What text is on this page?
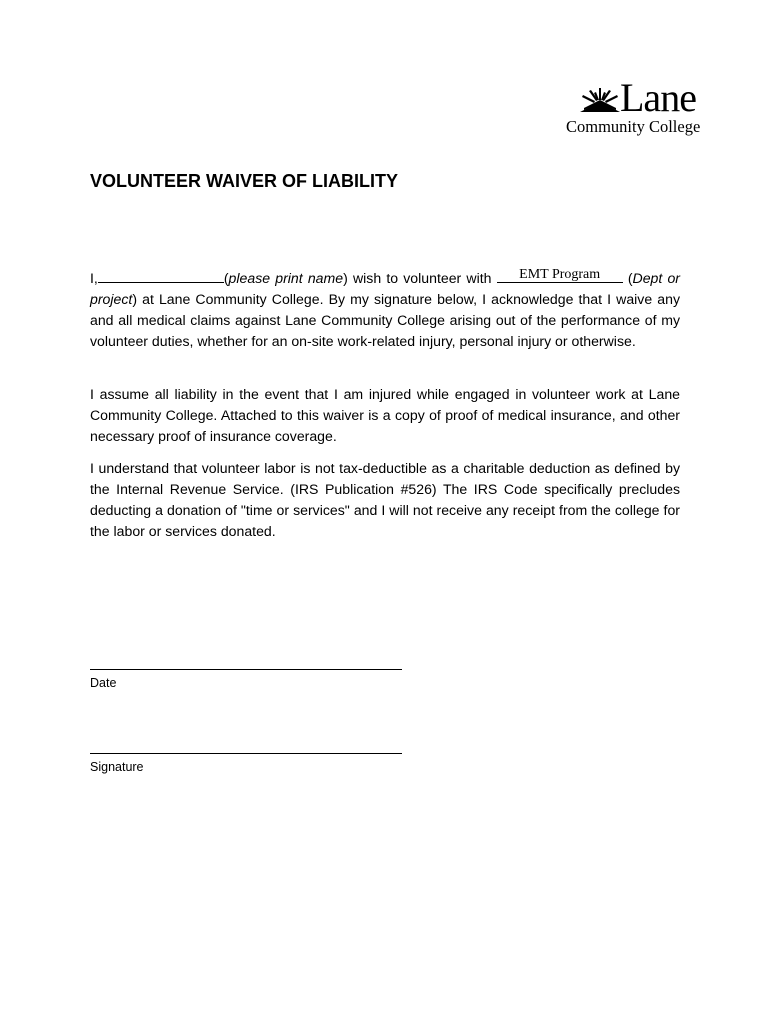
Lane
Community College
VOLUNTEER WAIVER OF LIABILITY

I,	(please print name) wish to volunteer with	EMT Program	(Dept or project) at Lane Community College. By my signature below, I acknowledge that I waive any and all medical claims against Lane Community College arising out of the performance of my volunteer duties, whether for an on-site work-related injury, personal injury or otherwise.

I assume all liability in the event that I am injured while engaged in volunteer work at Lane Community College. Attached to this waiver is a copy of proof of medical insurance, and other necessary proof of insurance coverage.

I understand that volunteer labor is not tax-deductible as a charitable deduction as defined by the Internal Revenue Service. (IRS Publication #526) The IRS Code specifically precludes deducting a donation of "time or services" and I will not receive any receipt from the college for the labor or services donated.

Date
Signature
